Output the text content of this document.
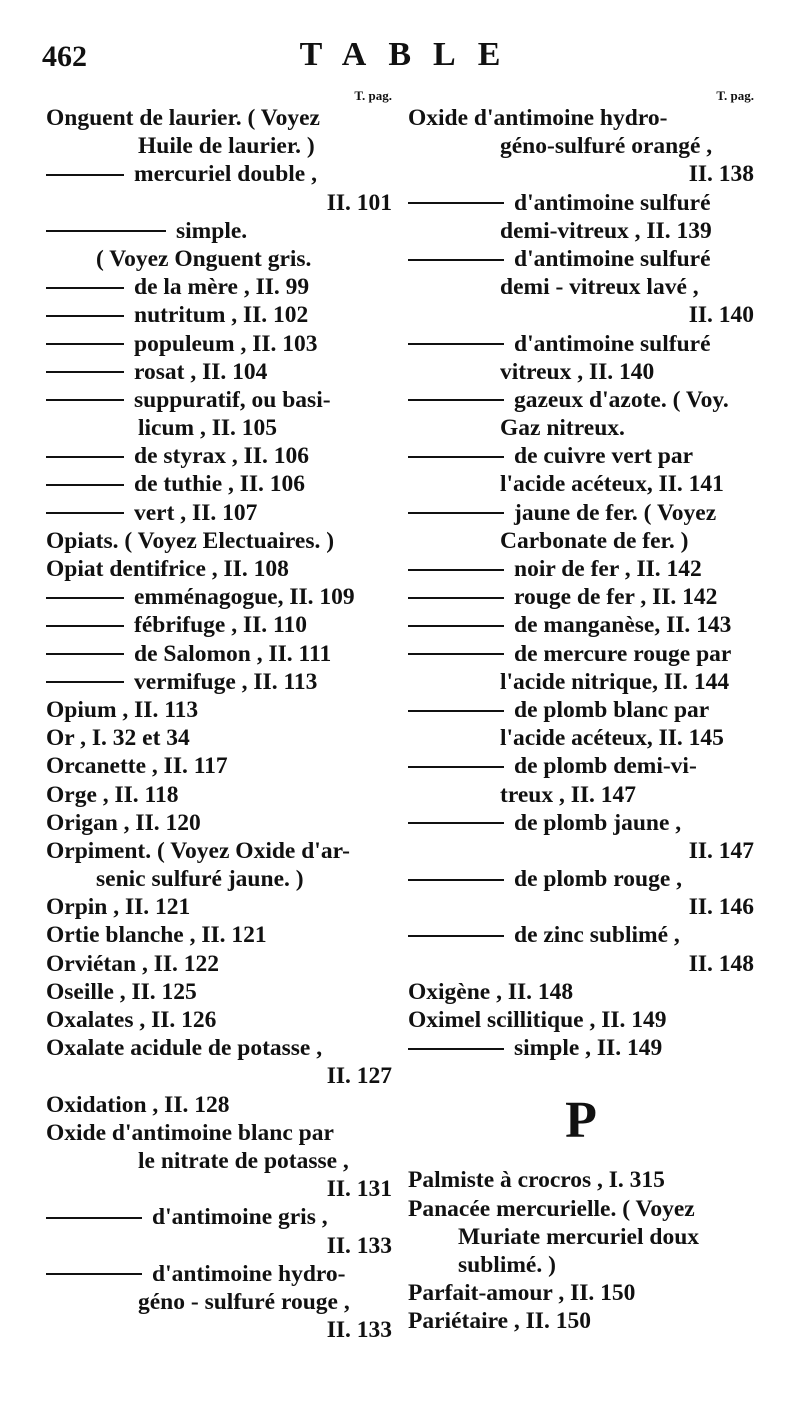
462	TABLE
T. pag.
Onguent de laurier. ( Voyez
Huile de laurier. )
mercuriel double ,
II. 101
simple.
( Voyez Onguent gris.
de la mère , II. 99
nutritum , II. 102
populeum , II. 103
rosat , II. 104
suppuratif, ou basi-
licum , II. 105
de styrax , II. 106
de tuthie , II. 106
vert , II. 107
Opiats. ( Voyez Electuaires. )
Opiat dentifrice , II. 108
emménagogue, II. 109
fébrifuge , II. 110
de Salomon , II. 111
vermifuge , II. 113
Opium , II. 113
Or , I. 32 et 34
Orcanette , II. 117
Orge , II. 118
Origan , II. 120
Orpiment. ( Voyez Oxide d'ar-
senic sulfuré jaune. )
Orpin , II. 121
Ortie blanche , II. 121
Orviétan , II. 122
Oseille , II. 125
Oxalates , II. 126
Oxalate acidule de potasse ,
II. 127
Oxidation , II. 128
Oxide d'antimoine blanc par
le nitrate de potasse ,
II. 131
d'antimoine gris ,
II. 133
d'antimoine hydro-
géno - sulfuré rouge ,
II. 133
T. pag.
Oxide d'antimoine hydro-
géno-sulfuré orangé ,
II. 138
d'antimoine sulfuré
demi-vitreux , II. 139
d'antimoine sulfuré
demi - vitreux lavé ,
II. 140
d'antimoine sulfuré
vitreux , II. 140
gazeux d'azote. ( Voy.
Gaz nitreux.
de cuivre vert par
l'acide acéteux, II. 141
jaune de fer. ( Voyez
Carbonate de fer. )
noir de fer , II. 142
rouge de fer , II. 142
de manganèse, II. 143
de mercure rouge par
l'acide nitrique, II. 144
de plomb blanc par
l'acide acéteux, II. 145
de plomb demi-vi-
treux , II. 147
de plomb jaune ,
II. 147
de plomb rouge ,
II. 146
de zinc sublimé ,
II. 148
Oxigène , II. 148
Oximel scillitique , II. 149
simple , II. 149
P
Palmiste à crocros , I. 315
Panacée mercurielle. ( Voyez
Muriate mercuriel doux
sublimé. )
Parfait-amour , II. 150
Pariétaire , II. 150
